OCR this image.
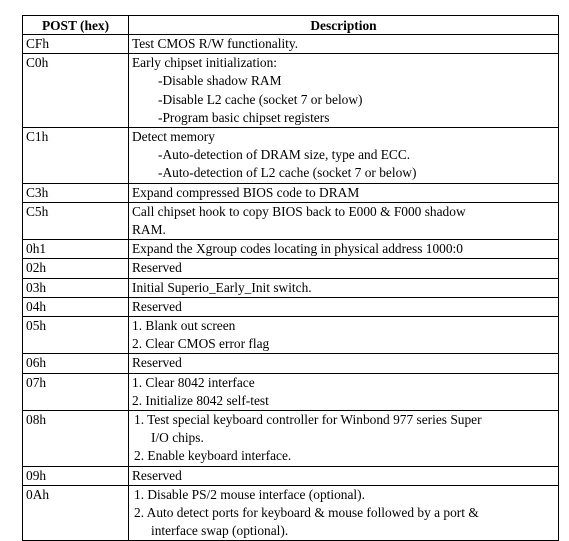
POST (hex)	Description
CFh	Test CMOS R/W functionality.

C0h	Early chipset initialization:
-Disable shadow RAM
-Disable L2 cache (socket 7 or below)
-Program basic chipset registers

C1h	Detect memory
-Auto-detection of DRAM size, type and ECC.
-Auto-detection of L2 cache (socket 7 or below)

C3h	Expand compressed BIOS code to DRAM

C5h	Call chipset hook to copy BIOS back to E000 & F000 shadow
RAM.

0h1	Expand the Xgroup codes locating in physical address 1000:0

02h	Reserved

03h	Initial Superio_Early_Init switch.

04h	Reserved

05h	1. Blank out screen
2. Clear CMOS error flag

06h	Reserved

07h	1. Clear 8042 interface
2. Initialize 8042 self-test

08h	1. Test special keyboard controller for Winbond 977 series Super
I/O chips.
2. Enable keyboard interface.

09h	Reserved

0Ah	1. Disable PS/2 mouse interface (optional).
2. Auto detect ports for keyboard & mouse followed by a port &
interface swap (optional).
